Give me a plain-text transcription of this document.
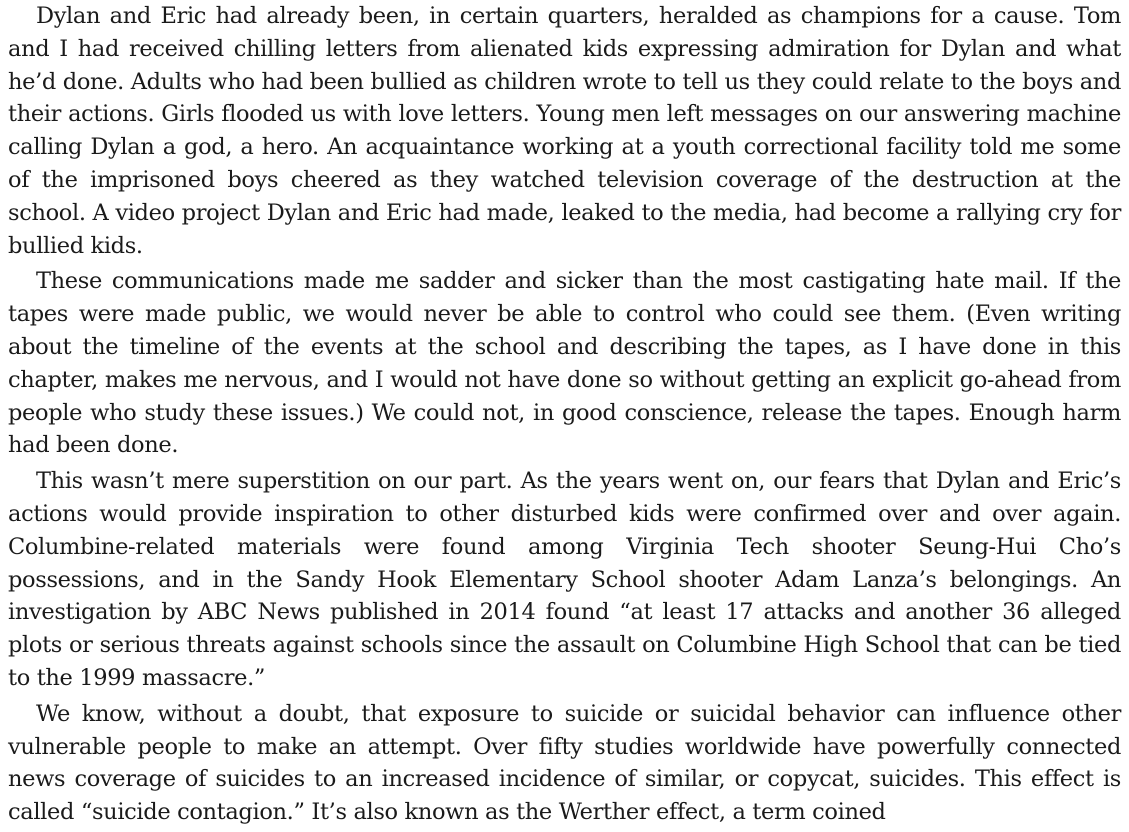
Dylan and Eric had already been, in certain quarters, heralded as champions for a cause. Tom and I had received chilling letters from alienated kids expressing admiration for Dylan and what he’d done. Adults who had been bullied as children wrote to tell us they could relate to the boys and their actions. Girls flooded us with love letters. Young men left messages on our answering machine calling Dylan a god, a hero. An acquaintance working at a youth correctional facility told me some of the imprisoned boys cheered as they watched television coverage of the destruction at the school. A video project Dylan and Eric had made, leaked to the media, had become a rallying cry for bullied kids.

These communications made me sadder and sicker than the most castigating hate mail. If the tapes were made public, we would never be able to control who could see them. (Even writing about the timeline of the events at the school and describing the tapes, as I have done in this chapter, makes me nervous, and I would not have done so without getting an explicit go-ahead from people who study these issues.) We could not, in good conscience, release the tapes. Enough harm had been done.

This wasn’t mere superstition on our part. As the years went on, our fears that Dylan and Eric’s actions would provide inspiration to other disturbed kids were confirmed over and over again. Columbine-related materials were found among Virginia Tech shooter Seung-Hui Cho’s possessions, and in the Sandy Hook Elementary School shooter Adam Lanza’s belongings. An investigation by ABC News published in 2014 found “at least 17 attacks and another 36 alleged plots or serious threats against schools since the assault on Columbine High School that can be tied to the 1999 massacre.”

We know, without a doubt, that exposure to suicide or suicidal behavior can influence other vulnerable people to make an attempt. Over fifty studies worldwide have powerfully connected news coverage of suicides to an increased incidence of similar, or copycat, suicides. This effect is called “suicide contagion.” It’s also known as the Werther effect, a term coined
